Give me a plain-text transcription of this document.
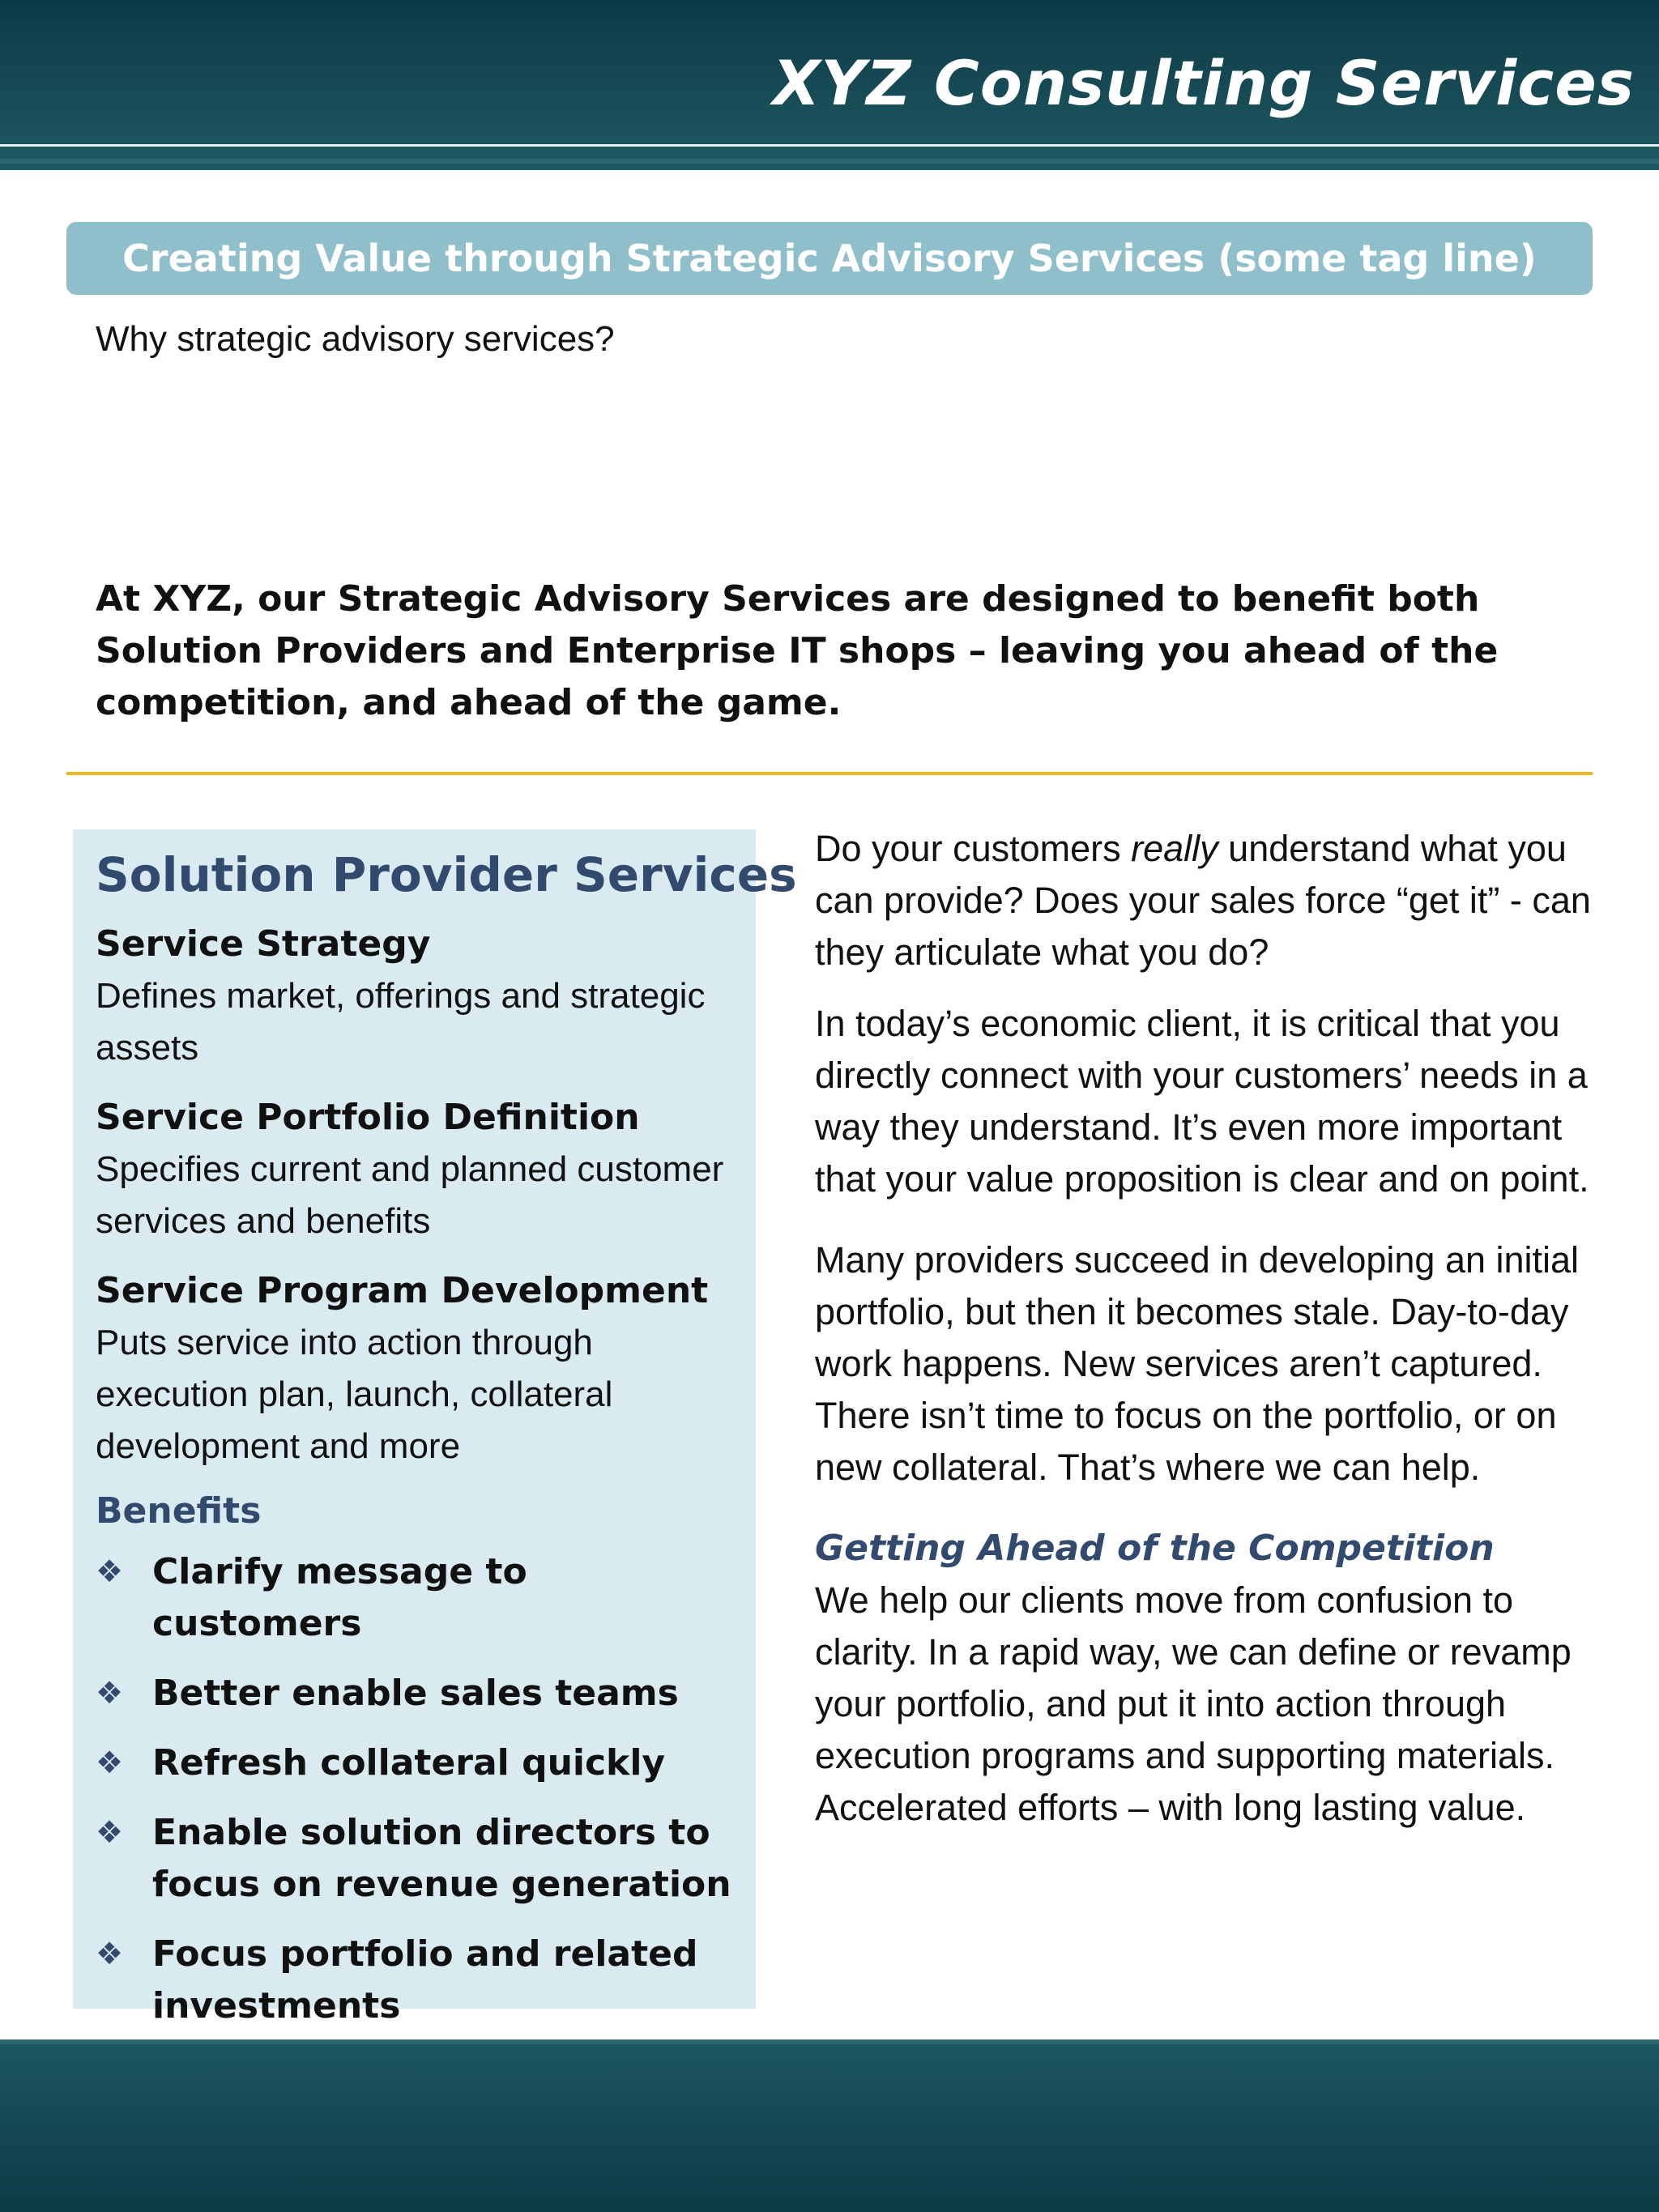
XYZ Consulting Services
Creating Value through Strategic Advisory Services (some tag line)
Why strategic advisory services?
At XYZ, our Strategic Advisory Services are designed to benefit both Solution Providers and Enterprise IT shops – leaving you ahead of the competition, and ahead of the game.
Solution Provider Services
Service Strategy
Defines market, offerings and strategic assets
Service Portfolio Definition
Specifies current and planned customer services and benefits
Service Program Development
Puts service into action through execution plan, launch, collateral development and more
Benefits
❖ Clarify message to customers
❖ Better enable sales teams
❖ Refresh collateral quickly
❖ Enable solution directors to focus on revenue generation
❖ Focus portfolio and related investments

Do your customers really understand what you can provide? Does your sales force “get it” - can they articulate what you do?

In today’s economic client, it is critical that you directly connect with your customers’ needs in a way they understand. It’s even more important that your value proposition is clear and on point.

Many providers succeed in developing an initial portfolio, but then it becomes stale. Day-to-day work happens. New services aren’t captured. There isn’t time to focus on the portfolio, or on new collateral. That’s where we can help.

Getting Ahead of the Competition

We help our clients move from confusion to clarity. In a rapid way, we can define or revamp your portfolio, and put it into action through execution programs and supporting materials. Accelerated efforts – with long lasting value.
